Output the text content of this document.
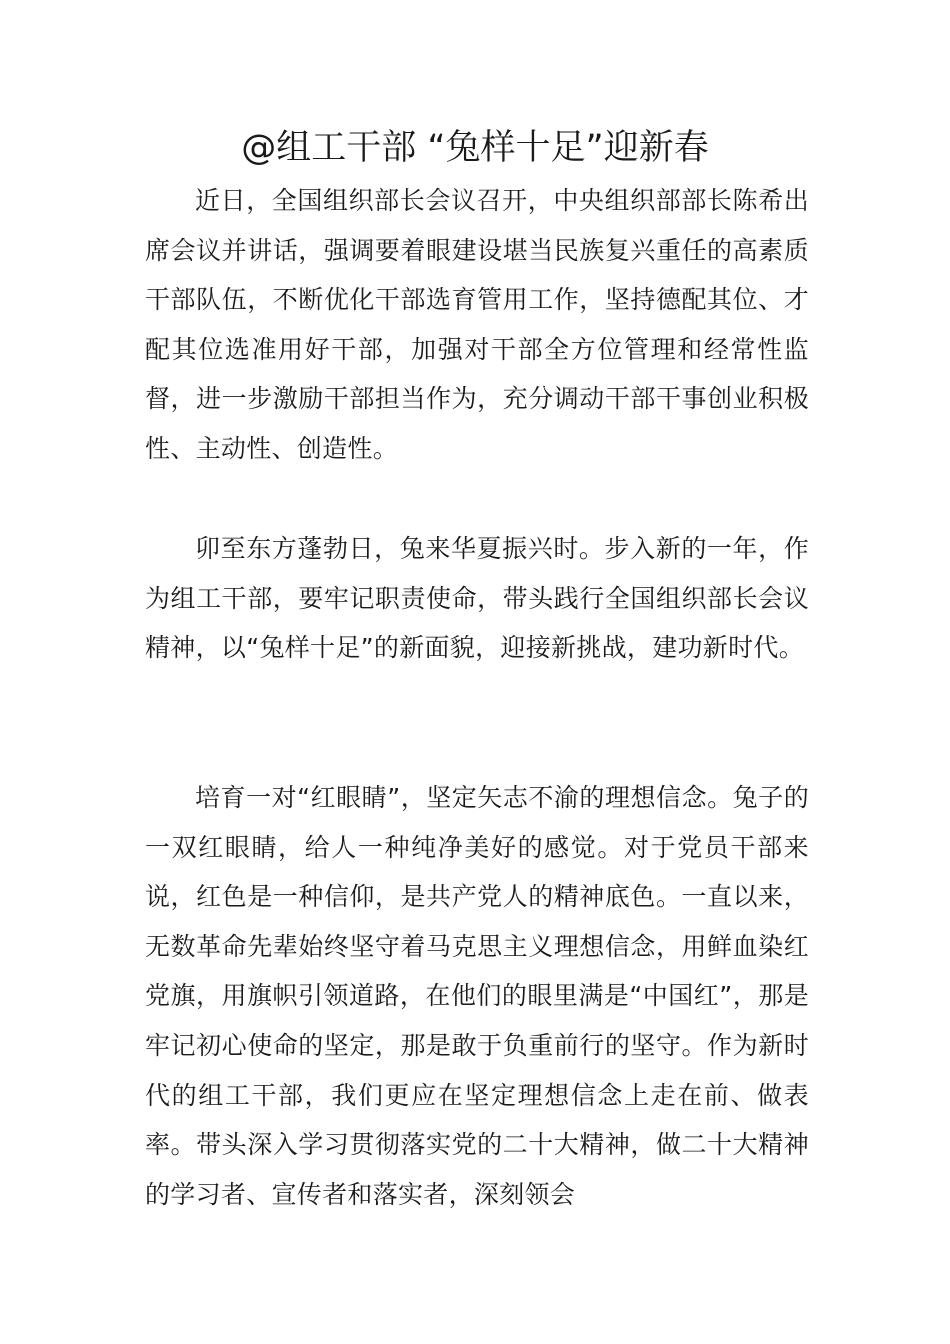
@组工干部 “兔样十足”迎新春

近日，全国组织部长会议召开，中央组织部部长陈希出席会议并讲话，强调要着眼建设堪当民族复兴重任的高素质干部队伍，不断优化干部选育管用工作，坚持德配其位、才配其位选准用好干部，加强对干部全方位管理和经常性监督，进一步激励干部担当作为，充分调动干部干事创业积极性、主动性、创造性。

卯至东方蓬勃日，兔来华夏振兴时。步入新的一年，作为组工干部，要牢记职责使命，带头践行全国组织部长会议精神，以“兔样十足”的新面貌，迎接新挑战，建功新时代。

培育一对“红眼睛”，坚定矢志不渝的理想信念。兔子的一双红眼睛，给人一种纯净美好的感觉。对于党员干部来说，红色是一种信仰，是共产党人的精神底色。一直以来，无数革命先辈始终坚守着马克思主义理想信念，用鲜血染红党旗，用旗帜引领道路，在他们的眼里满是“中国红”，那是牢记初心使命的坚定，那是敢于负重前行的坚守。作为新时代的组工干部，我们更应在坚定理想信念上走在前、做表率。带头深入学习贯彻落实党的二十大精神，做二十大精神的学习者、宣传者和落实者，深刻领会
